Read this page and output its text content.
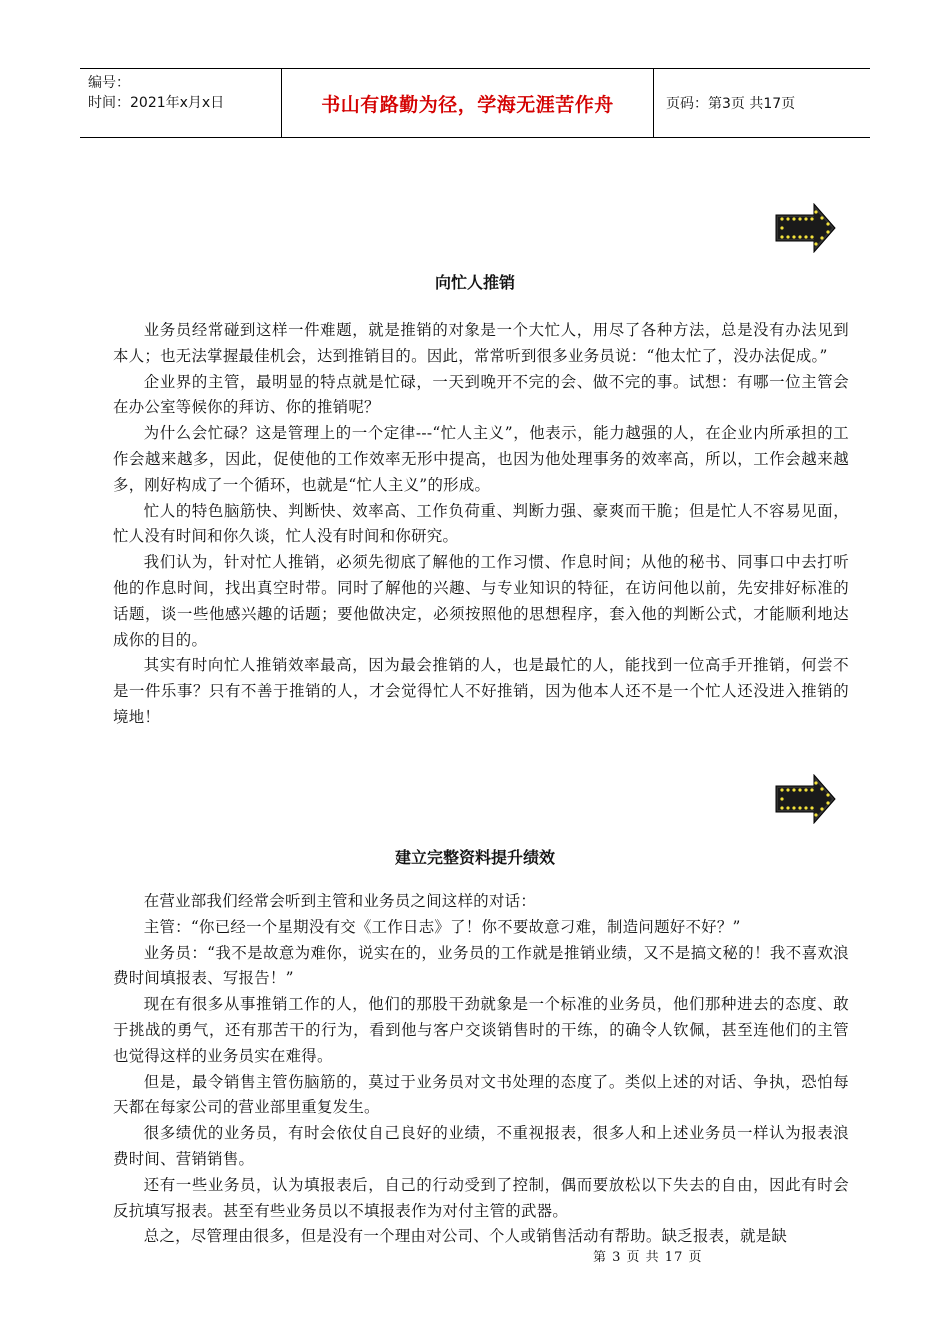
编号：
时间：2021年x月x日	书山有路勤为径，学海无涯苦作舟	页码：第3页 共17页
向忙人推销

业务员经常碰到这样一件难题，就是推销的对象是一个大忙人，用尽了各种方法，总是没有办法见到本人；也无法掌握最佳机会，达到推销目的。因此，常常听到很多业务员说：“他太忙了，没办法促成。”

企业界的主管，最明显的特点就是忙碌，一天到晚开不完的会、做不完的事。试想：有哪一位主管会在办公室等候你的拜访、你的推销呢？

为什么会忙碌？这是管理上的一个定律---“忙人主义”，他表示，能力越强的人，在企业内所承担的工作会越来越多，因此，促使他的工作效率无形中提高，也因为他处理事务的效率高，所以，工作会越来越多，刚好构成了一个循环，也就是“忙人主义”的形成。

忙人的特色脑筋快、判断快、效率高、工作负荷重、判断力强、豪爽而干脆；但是忙人不容易见面，忙人没有时间和你久谈，忙人没有时间和你研究。

我们认为，针对忙人推销，必须先彻底了解他的工作习惯、作息时间；从他的秘书、同事口中去打听他的作息时间，找出真空时带。同时了解他的兴趣、与专业知识的特征，在访问他以前，先安排好标准的话题，谈一些他感兴趣的话题；要他做决定，必须按照他的思想程序，套入他的判断公式，才能顺利地达成你的目的。

其实有时向忙人推销效率最高，因为最会推销的人，也是最忙的人，能找到一位高手开推销，何尝不是一件乐事？只有不善于推销的人，才会觉得忙人不好推销，因为他本人还不是一个忙人还没进入推销的境地！

建立完整资料提升绩效

在营业部我们经常会听到主管和业务员之间这样的对话：

主管：“你已经一个星期没有交《工作日志》了！你不要故意刁难，制造问题好不好？”

业务员：“我不是故意为难你，说实在的，业务员的工作就是推销业绩，又不是搞文秘的！我不喜欢浪费时间填报表、写报告！”

现在有很多从事推销工作的人，他们的那股干劲就象是一个标准的业务员，他们那种进去的态度、敢于挑战的勇气，还有那苦干的行为，看到他与客户交谈销售时的干练，的确令人钦佩，甚至连他们的主管也觉得这样的业务员实在难得。

但是，最令销售主管伤脑筋的，莫过于业务员对文书处理的态度了。类似上述的对话、争执，恐怕每天都在每家公司的营业部里重复发生。

很多绩优的业务员，有时会依仗自己良好的业绩，不重视报表，很多人和上述业务员一样认为报表浪费时间、营销销售。

还有一些业务员，认为填报表后，自己的行动受到了控制，偶而要放松以下失去的自由，因此有时会反抗填写报表。甚至有些业务员以不填报表作为对付主管的武器。

总之，尽管理由很多，但是没有一个理由对公司、个人或销售活动有帮助。缺乏报表，就是缺

第 3 页 共 17 页
